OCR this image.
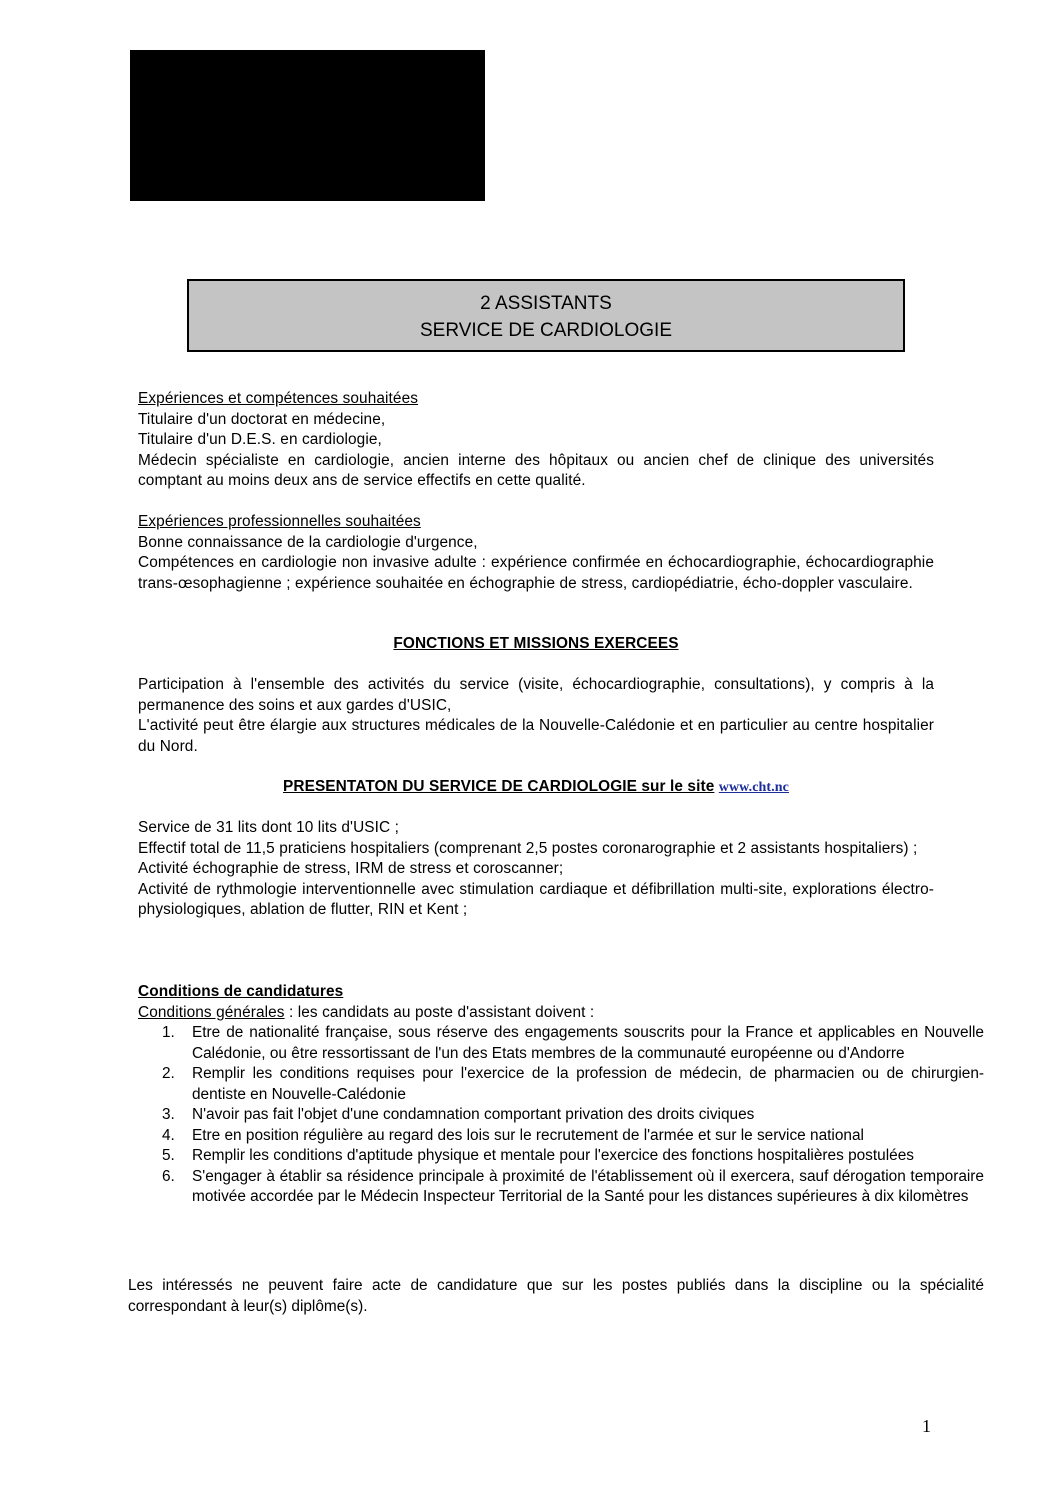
2 ASSISTANTS
SERVICE DE CARDIOLOGIE
Expériences et compétences souhaitées
Titulaire d'un doctorat en médecine,
Titulaire d'un D.E.S. en cardiologie,
Médecin spécialiste en cardiologie, ancien interne des hôpitaux ou ancien chef de clinique des universités comptant au moins deux ans de service effectifs en cette qualité.
Expériences professionnelles souhaitées
Bonne connaissance de la cardiologie d'urgence,
Compétences en cardiologie non invasive adulte : expérience confirmée en échocardiographie, échocardiographie trans-œsophagienne ; expérience souhaitée en échographie de stress, cardiopédiatrie, écho-doppler vasculaire.
FONCTIONS ET MISSIONS EXERCEES
Participation à l'ensemble des activités du service (visite, échocardiographie, consultations), y compris à la permanence des soins et aux gardes d'USIC,
L'activité peut être élargie aux structures médicales de la Nouvelle-Calédonie et en particulier au centre hospitalier du Nord.
PRESENTATON DU SERVICE DE CARDIOLOGIE sur le site www.cht.nc
Service de 31 lits dont 10 lits d'USIC ;
Effectif total de 11,5 praticiens hospitaliers (comprenant 2,5 postes coronarographie et 2 assistants hospitaliers) ;
Activité échographie de stress, IRM de stress et coroscanner;
Activité de rythmologie interventionnelle avec stimulation cardiaque et défibrillation multi-site, explorations électro-physiologiques, ablation de flutter, RIN et Kent ;
Conditions de candidatures
Conditions générales : les candidats au poste d'assistant doivent :
1. Etre de nationalité française, sous réserve des engagements souscrits pour la France et applicables en Nouvelle Calédonie, ou être ressortissant de l'un des Etats membres de la communauté européenne ou d'Andorre
2. Remplir les conditions requises pour l'exercice de la profession de médecin, de pharmacien ou de chirurgien-dentiste en Nouvelle-Calédonie
3. N'avoir pas fait l'objet d'une condamnation comportant privation des droits civiques
4. Etre en position régulière au regard des lois sur le recrutement de l'armée et sur le service national
5. Remplir les conditions d'aptitude physique et mentale pour l'exercice des fonctions hospitalières postulées
6. S'engager à établir sa résidence principale à proximité de l'établissement où il exercera, sauf dérogation temporaire motivée accordée par le Médecin Inspecteur Territorial de la Santé pour les distances supérieures à dix kilomètres
Les intéressés ne peuvent faire acte de candidature que sur les postes publiés dans la discipline ou la spécialité correspondant à leur(s) diplôme(s).
1
